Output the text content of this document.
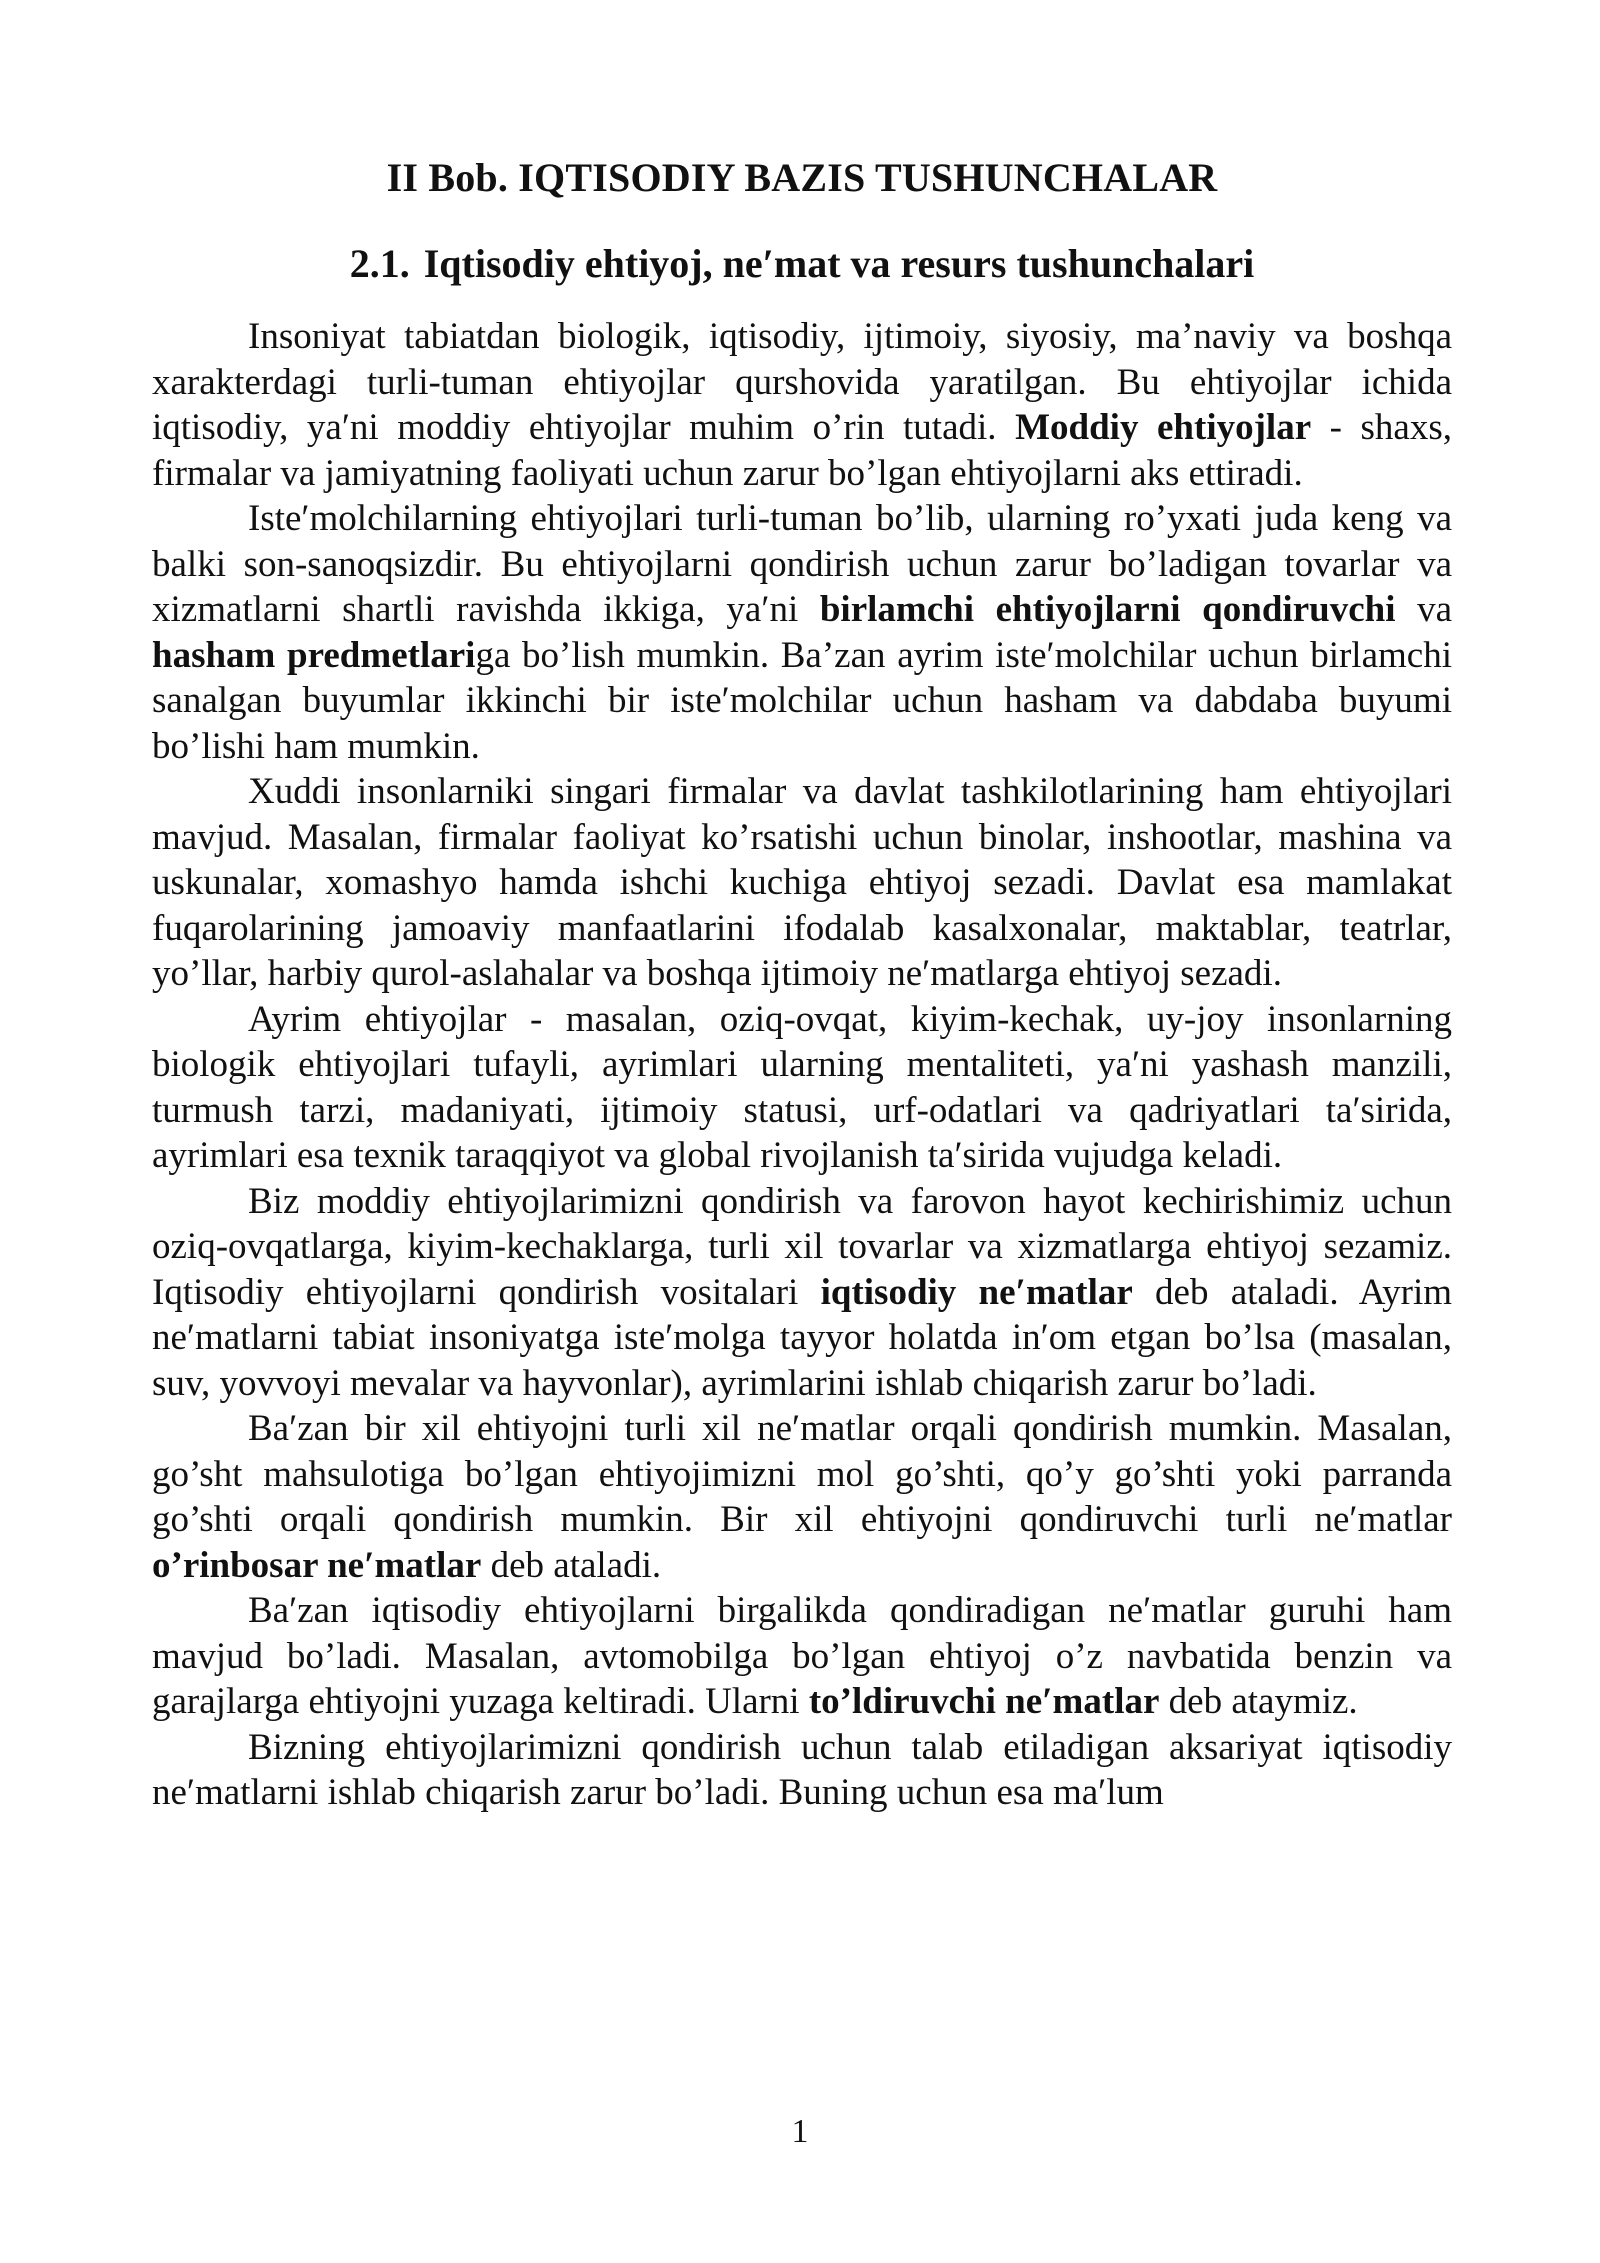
II Bob. IQTISODIY BAZIS TUSHUNCHALAR
2.1. Iqtisodiy ehtiyoj, ne′mat va resurs tushunchalari

Insoniyat tabiatdan biologik, iqtisodiy, ijtimoiy, siyosiy, ma’naviy va boshqa xarakterdagi turli-tuman ehtiyojlar qurshovida yaratilgan. Bu ehtiyojlar ichida iqtisodiy, ya′ni moddiy ehtiyojlar muhim o’rin tutadi. Moddiy ehtiyojlar - shaxs, firmalar va jamiyatning faoliyati uchun zarur bo’lgan ehtiyojlarni aks ettiradi.

Iste′molchilarning ehtiyojlari turli-tuman bo’lib, ularning ro’yxati juda keng va balki son-sanoqsizdir. Bu ehtiyojlarni qondirish uchun zarur bo’ladigan tovarlar va xizmatlarni shartli ravishda ikkiga, ya′ni birlamchi ehtiyojlarni qondiruvchi va hasham predmetlariga bo’lish mumkin. Ba’zan ayrim iste′molchilar uchun birlamchi sanalgan buyumlar ikkinchi bir iste′molchilar uchun hasham va dabdaba buyumi bo’lishi ham mumkin.

Xuddi insonlarniki singari firmalar va davlat tashkilotlarining ham ehtiyojlari mavjud. Masalan, firmalar faoliyat ko’rsatishi uchun binolar, inshootlar, mashina va uskunalar, xomashyo hamda ishchi kuchiga ehtiyoj sezadi. Davlat esa mamlakat fuqarolarining jamoaviy manfaatlarini ifodalab kasalxonalar, maktablar, teatrlar, yo’llar, harbiy qurol-aslahalar va boshqa ijtimoiy ne′matlarga ehtiyoj sezadi.

Ayrim ehtiyojlar - masalan, oziq-ovqat, kiyim-kechak, uy-joy insonlarning biologik ehtiyojlari tufayli, ayrimlari ularning mentaliteti, ya′ni yashash manzili, turmush tarzi, madaniyati, ijtimoiy statusi, urf-odatlari va qadriyatlari ta′sirida, ayrimlari esa texnik taraqqiyot va global rivojlanish ta′sirida vujudga keladi.

Biz moddiy ehtiyojlarimizni qondirish va farovon hayot kechirishimiz uchun oziq-ovqatlarga, kiyim-kechaklarga, turli xil tovarlar va xizmatlarga ehtiyoj sezamiz. Iqtisodiy ehtiyojlarni qondirish vositalari iqtisodiy ne′matlar deb ataladi. Ayrim ne′matlarni tabiat insoniyatga iste′molga tayyor holatda in′om etgan bo’lsa (masalan, suv, yovvoyi mevalar va hayvonlar), ayrimlarini ishlab chiqarish zarur bo’ladi.

Ba′zan bir xil ehtiyojni turli xil ne′matlar orqali qondirish mumkin. Masalan, go’sht mahsulotiga bo’lgan ehtiyojimizni mol go’shti, qo’y go’shti yoki parranda go’shti orqali qondirish mumkin. Bir xil ehtiyojni qondiruvchi turli ne′matlar o’rinbosar ne′matlar deb ataladi.

Ba′zan iqtisodiy ehtiyojlarni birgalikda qondiradigan ne′matlar guruhi ham mavjud bo’ladi. Masalan, avtomobilga bo’lgan ehtiyoj o’z navbatida benzin va garajlarga ehtiyojni yuzaga keltiradi. Ularni to’ldiruvchi ne′matlar deb ataymiz.

Bizning ehtiyojlarimizni qondirish uchun talab etiladigan aksariyat iqtisodiy ne′matlarni ishlab chiqarish zarur bo’ladi. Buning uchun esa ma′lum

1
